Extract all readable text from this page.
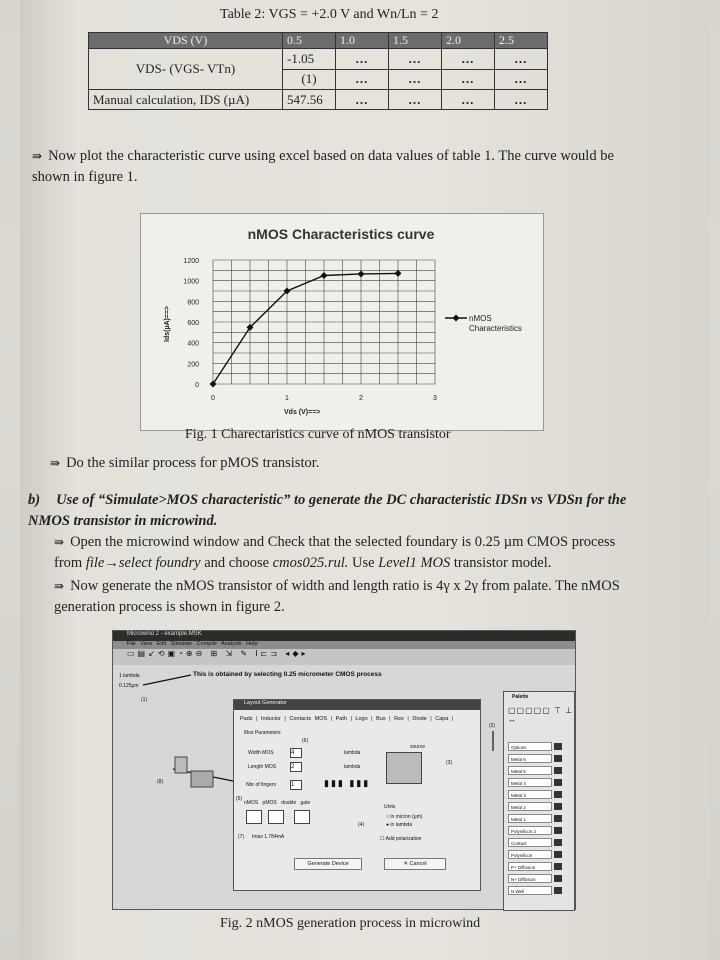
Table 2: VGS = +2.0 V and Wn/Ln = 2
VDS (V)	0.5	1.0	1.5	2.0	2.5
VDS- (VGS- VTn)	-1.05	...	...	...	...
	(1)	...	...	...	...
Manual calculation, IDS (µA)	547.56	...	...	...	...
⇛ Now plot the characteristic curve using excel based on data values of table 1. The curve would be shown in figure 1.
nMOS Characteristics curve
0
200
400
600
800
1000
1200
0	1	2	3
Vds (V)==>
Ids(µA)==>	nMOS Characteristics
Fig. 1 Charectaristics curve of nMOS transistor
⇛ Do the similar process for pMOS transistor.
b) Use of “Simulate>MOS characteristic” to generate the DC characteristic IDSn vs VDSn for the NMOS transistor in microwind.
⇛ Open the microwind window and Check that the selected foundary is 0.25 µm CMOS process from file→select foundry and choose cmos025.rul. Use Level1 MOS transistor model.
⇛ Now generate the nMOS transistor of width and length ratio is 4γ x 2γ from palate. The nMOS generation process is shown in figure 2.
Microwind 2 - example.MSK
File View Edit Simulate Compile Analysis Help
▭▤↙⟲▣◔⊕⊖ ⊞ ⇲ ✎ Ⅰ⊏⊐ ◂◆▸
1 lambda
0.125µm
(1)
This is obtained by selecting 0.25 micrometer CMOS process
(8)
Layout Generator
Pads | Inductor | Contacts MOS | Path | Logo | Bus | Res | Diode | Capa |
Mos Parameters
(6)
Width MOS	4	lambda
Length MOS 2	lambda
source
(3)
Nbr of fingers 1	▮▮▮ ▮▮▮
(5)
nMOS pMOS double gate
Units
○ in micron (µm)
● in lambda
(4)
(7) Imax 1.784mA	☐ Add polarization
Generate Device	✕ Cancel
(2)
Palette
▢▢▢▢▢ ⊤ ⊥ ↔
Options
Metal 6
Metal 5
Metal 4
Metal 3
Metal 2
Metal 1
Polysilicon 2
Contact
Polysilicon
P+ Diffusion
N+ Diffusion
N Well
Fig. 2 nMOS generation process in microwind
